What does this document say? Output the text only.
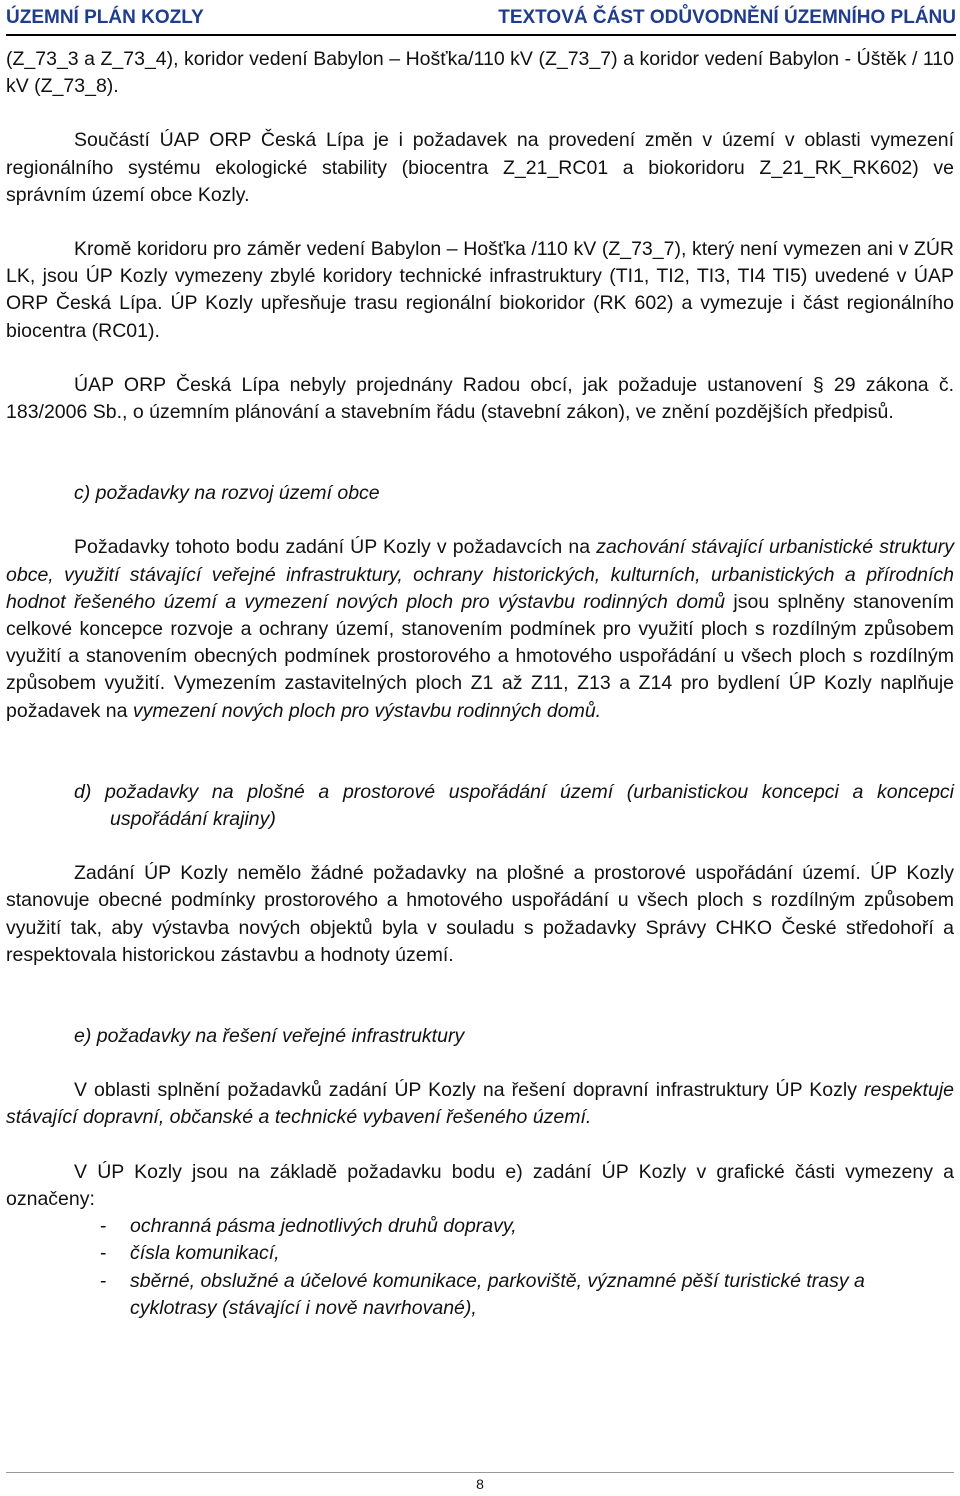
ÚZEMNÍ PLÁN KOZLY	TEXTOVÁ ČÁST ODŮVODNĚNÍ ÚZEMNÍHO PLÁNU

(Z_73_3 a Z_73_4), koridor vedení Babylon – Hošťka/110 kV (Z_73_7) a koridor vedení Babylon - Úštěk / 110 kV (Z_73_8).

Součástí ÚAP ORP Česká Lípa je i požadavek na provedení změn v území v oblasti vymezení regionálního systému ekologické stability (biocentra Z_21_RC01 a biokoridoru Z_21_RK_RK602) ve správním území obce Kozly.

Kromě koridoru pro záměr vedení Babylon – Hošťka /110 kV (Z_73_7), který není vymezen ani v ZÚR LK, jsou ÚP Kozly vymezeny zbylé koridory technické infrastruktury (TI1, TI2, TI3, TI4 TI5) uvedené v ÚAP ORP Česká Lípa. ÚP Kozly upřesňuje trasu regionální biokoridor (RK 602) a vymezuje i část regionálního biocentra (RC01).

ÚAP ORP Česká Lípa nebyly projednány Radou obcí, jak požaduje ustanovení § 29 zákona č. 183/2006 Sb., o územním plánování a stavebním řádu (stavební zákon), ve znění pozdějších předpisů.

c) požadavky na rozvoj území obce

Požadavky tohoto bodu zadání ÚP Kozly v požadavcích na zachování stávající urbanistické struktury obce, využití stávající veřejné infrastruktury, ochrany historických, kulturních, urbanistických a přírodních hodnot řešeného území a vymezení nových ploch pro výstavbu rodinných domů jsou splněny stanovením celkové koncepce rozvoje a ochrany území, stanovením podmínek pro využití ploch s rozdílným způsobem využití a stanovením obecných podmínek prostorového a hmotového uspořádání u všech ploch s rozdílným způsobem využití. Vymezením zastavitelných ploch Z1 až Z11, Z13 a Z14 pro bydlení ÚP Kozly naplňuje požadavek na vymezení nových ploch pro výstavbu rodinných domů.

d) požadavky na plošné a prostorové uspořádání území (urbanistickou koncepci a koncepci uspořádání krajiny)

Zadání ÚP Kozly nemělo žádné požadavky na plošné a prostorové uspořádání území. ÚP Kozly stanovuje obecné podmínky prostorového a hmotového uspořádání u všech ploch s rozdílným způsobem využití tak, aby výstavba nových objektů byla v souladu s požadavky Správy CHKO České středohoří a respektovala historickou zástavbu a hodnoty území.

e) požadavky na řešení veřejné infrastruktury

V oblasti splnění požadavků zadání ÚP Kozly na řešení dopravní infrastruktury ÚP Kozly respektuje stávající dopravní, občanské a technické vybavení řešeného území.

V ÚP Kozly jsou na základě požadavku bodu e) zadání ÚP Kozly v grafické části vymezeny a označeny:

- ochranná pásma jednotlivých druhů dopravy,
- čísla komunikací,
- sběrné, obslužné a účelové komunikace, parkoviště, významné pěší turistické trasy a cyklotrasy (stávající i nově navrhované),
8
